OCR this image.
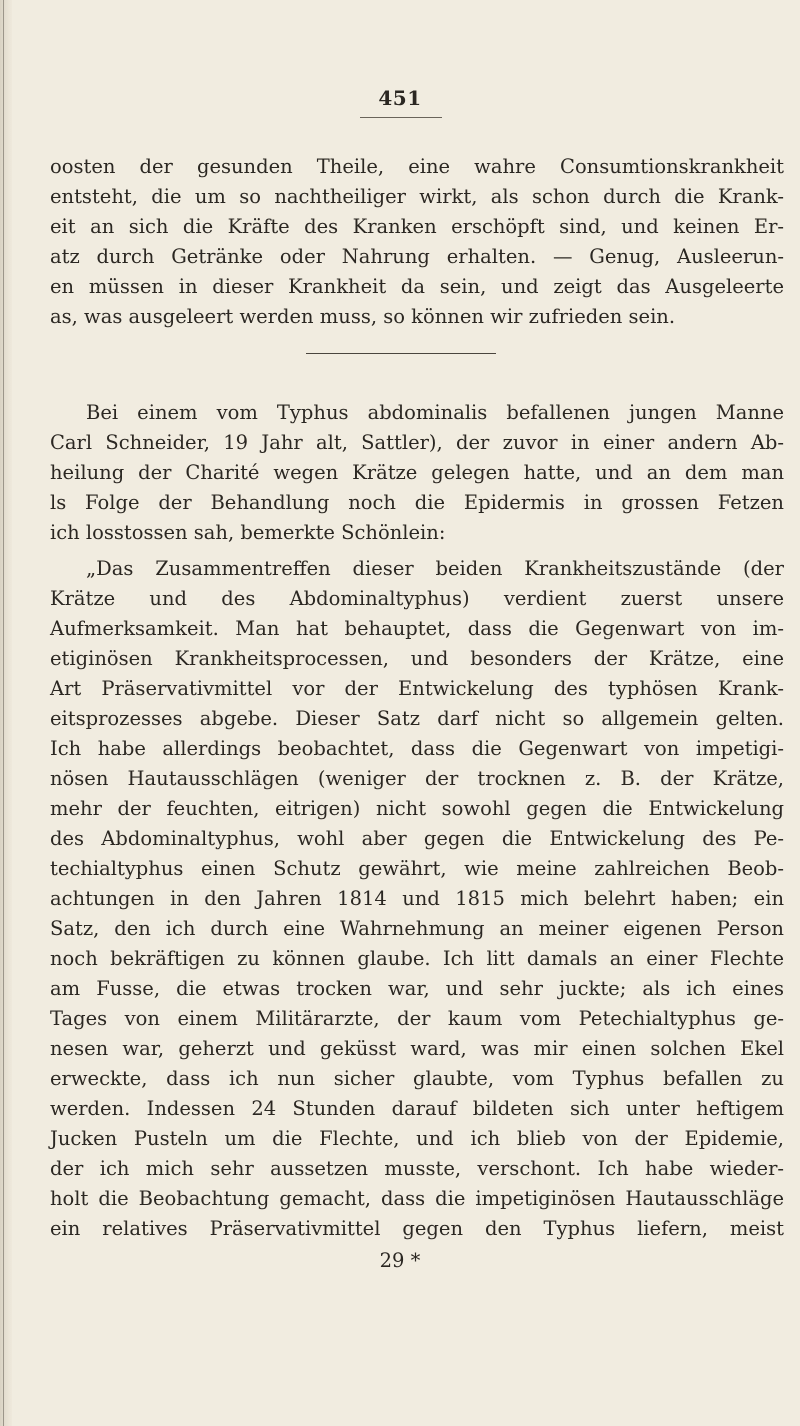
451
oosten der gesunden Theile, eine wahre Consumtionskrankheit
entsteht, die um so nachtheiliger wirkt, als schon durch die Krank-
eit an sich die Kräfte des Kranken erschöpft sind, und keinen Er-
atz durch Getränke oder Nahrung erhalten. — Genug, Ausleerun-
en müssen in dieser Krankheit da sein, und zeigt das Ausgeleerte
as, was ausgeleert werden muss, so können wir zufrieden sein.
Bei einem vom Typhus abdominalis befallenen jungen Manne
Carl Schneider, 19 Jahr alt, Sattler), der zuvor in einer andern Ab-
heilung der Charité wegen Krätze gelegen hatte, und an dem man
ls Folge der Behandlung noch die Epidermis in grossen Fetzen
ich losstossen sah, bemerkte Schönlein:
„Das Zusammentreffen dieser beiden Krankheitszustände (der
Krätze und des Abdominaltyphus) verdient zuerst unsere
Aufmerksamkeit. Man hat behauptet, dass die Gegenwart von im-
etiginösen Krankheitsprocessen, und besonders der Krätze, eine
Art Präservativmittel vor der Entwickelung des typhösen Krank-
eitsprozesses abgebe. Dieser Satz darf nicht so allgemein gelten.
Ich habe allerdings beobachtet, dass die Gegenwart von impetigi-
nösen Hautausschlägen (weniger der trocknen z. B. der Krätze,
mehr der feuchten, eitrigen) nicht sowohl gegen die Entwickelung
des Abdominaltyphus, wohl aber gegen die Entwickelung des Pe-
techialtyphus einen Schutz gewährt, wie meine zahlreichen Beob-
achtungen in den Jahren 1814 und 1815 mich belehrt haben; ein
Satz, den ich durch eine Wahrnehmung an meiner eigenen Person
noch bekräftigen zu können glaube. Ich litt damals an einer Flechte
am Fusse, die etwas trocken war, und sehr juckte; als ich eines
Tages von einem Militärarzte, der kaum vom Petechialtyphus ge-
nesen war, geherzt und geküsst ward, was mir einen solchen Ekel
erweckte, dass ich nun sicher glaubte, vom Typhus befallen zu
werden. Indessen 24 Stunden darauf bildeten sich unter heftigem
Jucken Pusteln um die Flechte, und ich blieb von der Epidemie,
der ich mich sehr aussetzen musste, verschont. Ich habe wieder-
holt die Beobachtung gemacht, dass die impetiginösen Hautausschläge
ein relatives Präservativmittel gegen den Typhus liefern, meist
29 *
